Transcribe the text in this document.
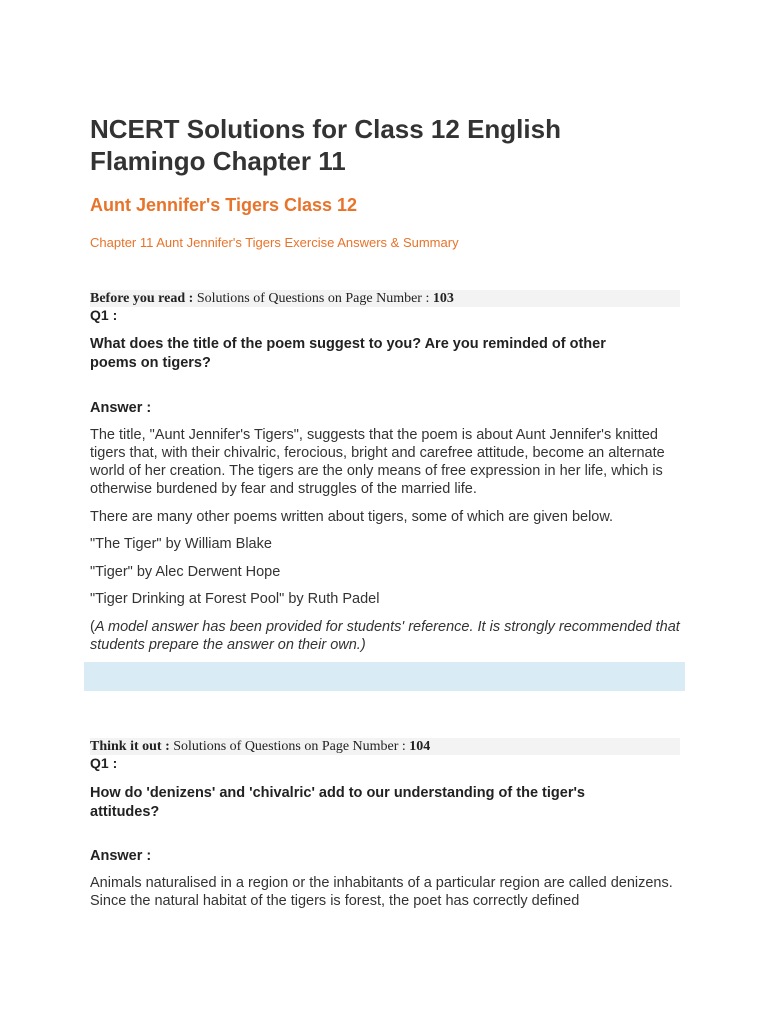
NCERT Solutions for Class 12 English Flamingo Chapter 11
Aunt Jennifer's Tigers Class 12
Chapter 11 Aunt Jennifer's Tigers Exercise Answers & Summary
Before you read : Solutions of Questions on Page Number : 103
Q1 :
What does the title of the poem suggest to you? Are you reminded of other poems on tigers?
Answer :
The title, "Aunt Jennifer's Tigers", suggests that the poem is about Aunt Jennifer's knitted tigers that, with their chivalric, ferocious, bright and carefree attitude, become an alternate world of her creation. The tigers are the only means of free expression in her life, which is otherwise burdened by fear and struggles of the married life.
There are many other poems written about tigers, some of which are given below.
"The Tiger" by William Blake
"Tiger" by Alec Derwent Hope
"Tiger Drinking at Forest Pool" by Ruth Padel
(A model answer has been provided for students' reference. It is strongly recommended that students prepare the answer on their own.)
Think it out : Solutions of Questions on Page Number : 104
Q1 :
How do 'denizens' and 'chivalric' add to our understanding of the tiger's attitudes?
Answer :
Animals naturalised in a region or the inhabitants of a particular region are called denizens. Since the natural habitat of the tigers is forest, the poet has correctly defined
